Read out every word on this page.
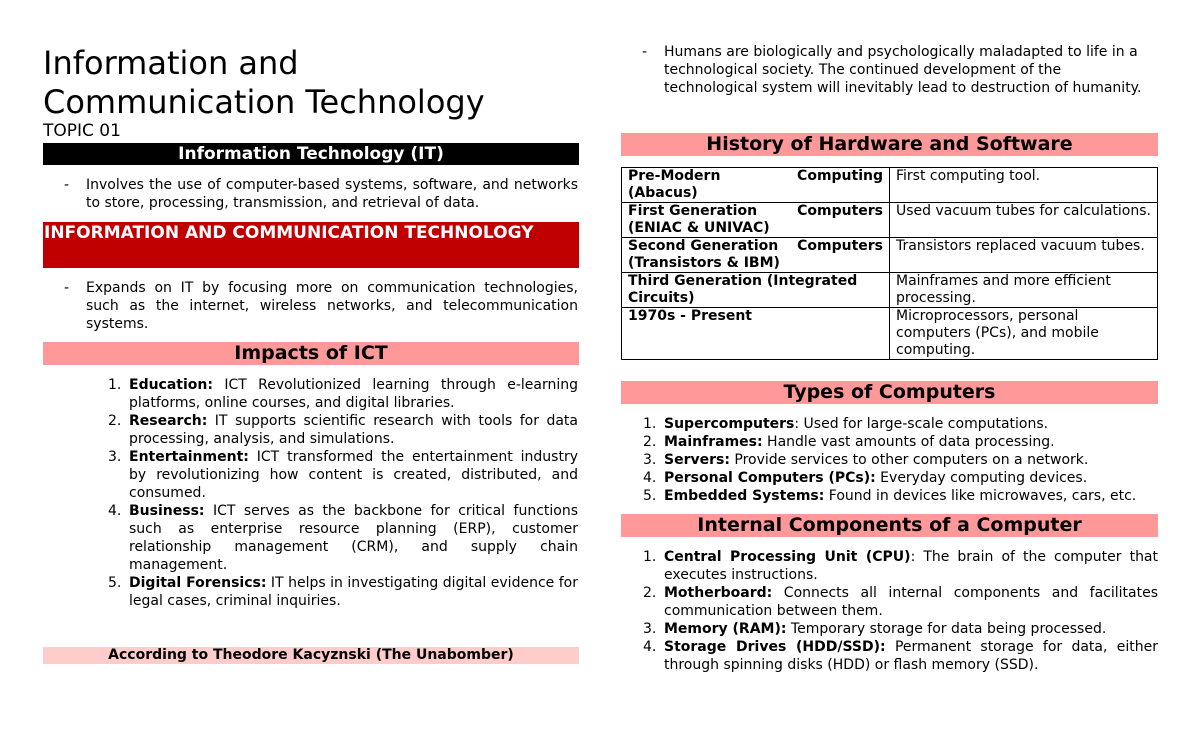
Information and
Communication Technology
TOPIC 01
Information Technology (IT)
- Involves the use of computer-based systems, software, and networks to store, processing, transmission, and retrieval of data.
INFORMATION AND COMMUNICATION TECHNOLOGY
- Expands on IT by focusing more on communication technologies, such as the internet, wireless networks, and telecommunication systems.
Impacts of ICT
1. Education: ICT Revolutionized learning through e-learning platforms, online courses, and digital libraries.
2. Research: IT supports scientific research with tools for data processing, analysis, and simulations.
3. Entertainment: ICT transformed the entertainment industry by revolutionizing how content is created, distributed, and consumed.
4. Business: ICT serves as the backbone for critical functions such as enterprise resource planning (ERP), customer relationship management (CRM), and supply chain management.
5. Digital Forensics: IT helps in investigating digital evidence for legal cases, criminal inquiries.
According to Theodore Kacyznski (The Unabomber)
- Humans are biologically and psychologically maladapted to life in a technological society. The continued development of the technological system will inevitably lead to destruction of humanity.
History of Hardware and Software
Pre-Modern Computing
(Abacus)	First computing tool.

First Generation Computers
(ENIAC & UNIVAC)	Used vacuum tubes for calculations.

Second Generation Computers
(Transistors & IBM)	Transistors replaced vacuum tubes.

Third Generation (Integrated
Circuits)	Mainframes and more efficient processing.

1970s - Present	Microprocessors, personal computers (PCs), and mobile computing.
Types of Computers
1. Supercomputers: Used for large-scale computations.
2. Mainframes: Handle vast amounts of data processing.
3. Servers: Provide services to other computers on a network.
4. Personal Computers (PCs): Everyday computing devices.
5. Embedded Systems: Found in devices like microwaves, cars, etc.
Internal Components of a Computer
1. Central Processing Unit (CPU): The brain of the computer that executes instructions.
2. Motherboard: Connects all internal components and facilitates communication between them.
3. Memory (RAM): Temporary storage for data being processed.
4. Storage Drives (HDD/SSD): Permanent storage for data, either through spinning disks (HDD) or flash memory (SSD).
